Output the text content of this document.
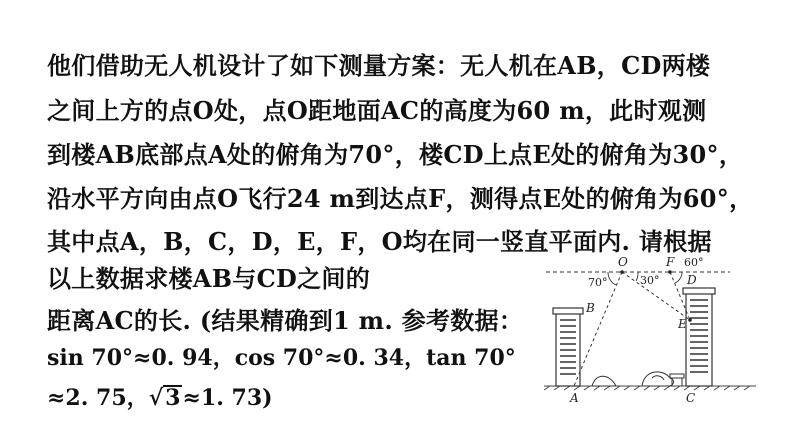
他们借助无人机设计了如下测量方案：无人机在AB，CD两楼
之间上方的点O处，点O距地面AC的高度为60 m，此时观测
到楼AB底部点A处的俯角为70°，楼CD上点E处的俯角为30°，
沿水平方向由点O飞行24 m到达点F，测得点E处的俯角为60°，
其中点A，B，C，D，E，F，O均在同一竖直平面内. 请根据
以上数据求楼AB与CD之间的
距离AC的长. (结果精确到1 m. 参考数据：
sin 70°≈0. 94，cos 70°≈0. 34，tan 70°
≈2. 75，√3≈1. 73)
O	F
D
B
E
A	C
70°	30°
60°
